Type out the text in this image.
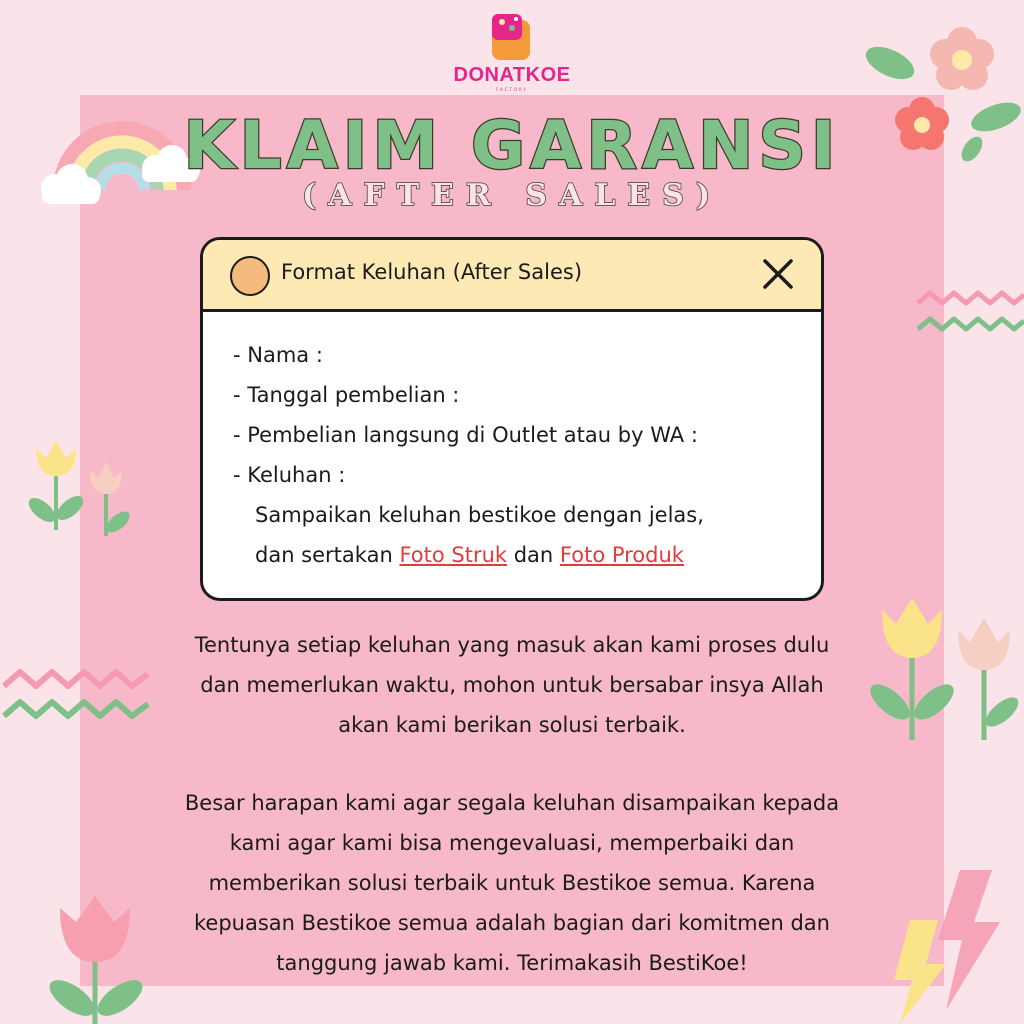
DONATKOE
FACTORY
KLAIM GARANSI
(AFTER SALES)
Format Keluhan (After Sales)
- Nama :
- Tanggal pembelian :
- Pembelian langsung di Outlet atau by WA :
- Keluhan :
Sampaikan keluhan bestikoe dengan jelas,
dan sertakan Foto Struk dan Foto Produk
Tentunya setiap keluhan yang masuk akan kami proses dulu
dan memerlukan waktu, mohon untuk bersabar insya Allah
akan kami berikan solusi terbaik.
Besar harapan kami agar segala keluhan disampaikan kepada
kami agar kami bisa mengevaluasi, memperbaiki dan
memberikan solusi terbaik untuk Bestikoe semua. Karena
kepuasan Bestikoe semua adalah bagian dari komitmen dan
tanggung jawab kami. Terimakasih BestiKoe!
